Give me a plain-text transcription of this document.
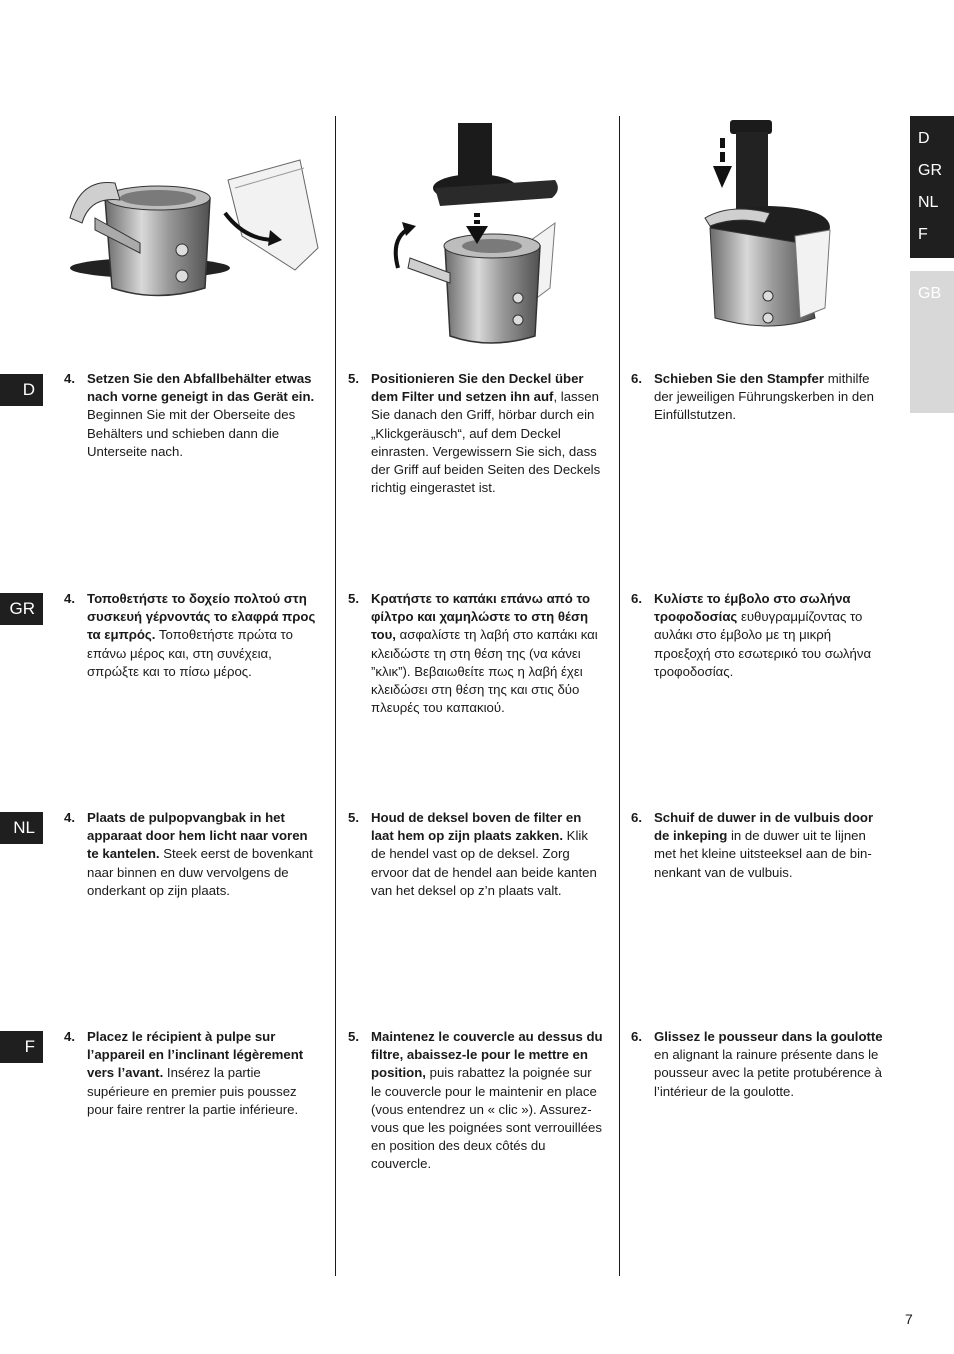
D
GR
NL
F
GB
D
GR
NL
F
4. Setzen Sie den Abfallbehälter etwas nach vorne geneigt in das Gerät ein. Beginnen Sie mit der Oberseite des Behälters und schieben dann die Unterseite nach.
5. Positionieren Sie den Deckel über dem Filter und setzen ihn auf, lassen Sie danach den Griff, hörbar durch ein „Klickgeräusch“, auf dem Deckel einrasten. Vergewissern Sie sich, dass der Griff auf beiden Seiten des Deckels richtig eingerastet ist.
6. Schieben Sie den Stampfer mithilfe der jeweiligen Führungskerben in den Einfüllstutzen.
4. Τοποθετήστε το δοχείο πολτού στη συσκευή γέρνοντάς το ελαφρά προς τα εμπρός. Τοποθετήστε πρώτα το επάνω μέρος και, στη συνέχεια, σπρώξτε και το πίσω μέρος.
5. Κρατήστε το καπάκι επάνω από το φίλτρο και χαμηλώστε το στη θέση του, ασφαλίστε τη λαβή στο καπάκι και κλειδώστε τη στη θέση της (να κάνει ”κλικ”). Βεβαιωθείτε πως η λαβή έχει κλειδώσει στη θέση της και στις δύο πλευρές του καπακιού.
6. Κυλίστε το έμβολο στο σωλήνα τροφοδοσίας ευθυγραμμίζοντας το αυλάκι στο έμβολο με τη μικρή προεξοχή στο εσωτερικό του σωλήνα τροφοδοσίας.
4. Plaats de pulpopvangbak in het apparaat door hem licht naar voren te kantelen. Steek eerst de bovenkant naar binnen en duw vervolgens de onderkant op zijn plaats.
5. Houd de deksel boven de filter en laat hem op zijn plaats zakken. Klik de hendel vast op de deksel. Zorg ervoor dat de hendel aan beide kanten van het deksel op z’n plaats valt.
6. Schuif de duwer in de vulbuis door de inkeping in de duwer uit te lijnen met het kleine uitsteeksel aan de bin-nenkant van de vulbuis.
4. Placez le récipient à pulpe sur l’appareil en l’inclinant légèrement vers l’avant. Insérez la partie supérieure en premier puis poussez pour faire rentrer la partie inférieure.
5. Maintenez le couvercle au dessus du filtre, abaissez-le pour le mettre en position, puis rabattez la poignée sur le couvercle pour le maintenir en place (vous entendrez un « clic »). Assurez-vous que les poignées sont verrouillées en position des deux côtés du couvercle.
6. Glissez le pousseur dans la goulotte en alignant la rainure présente dans le pousseur avec la petite protubérence à l’intérieur de la goulotte.
7
